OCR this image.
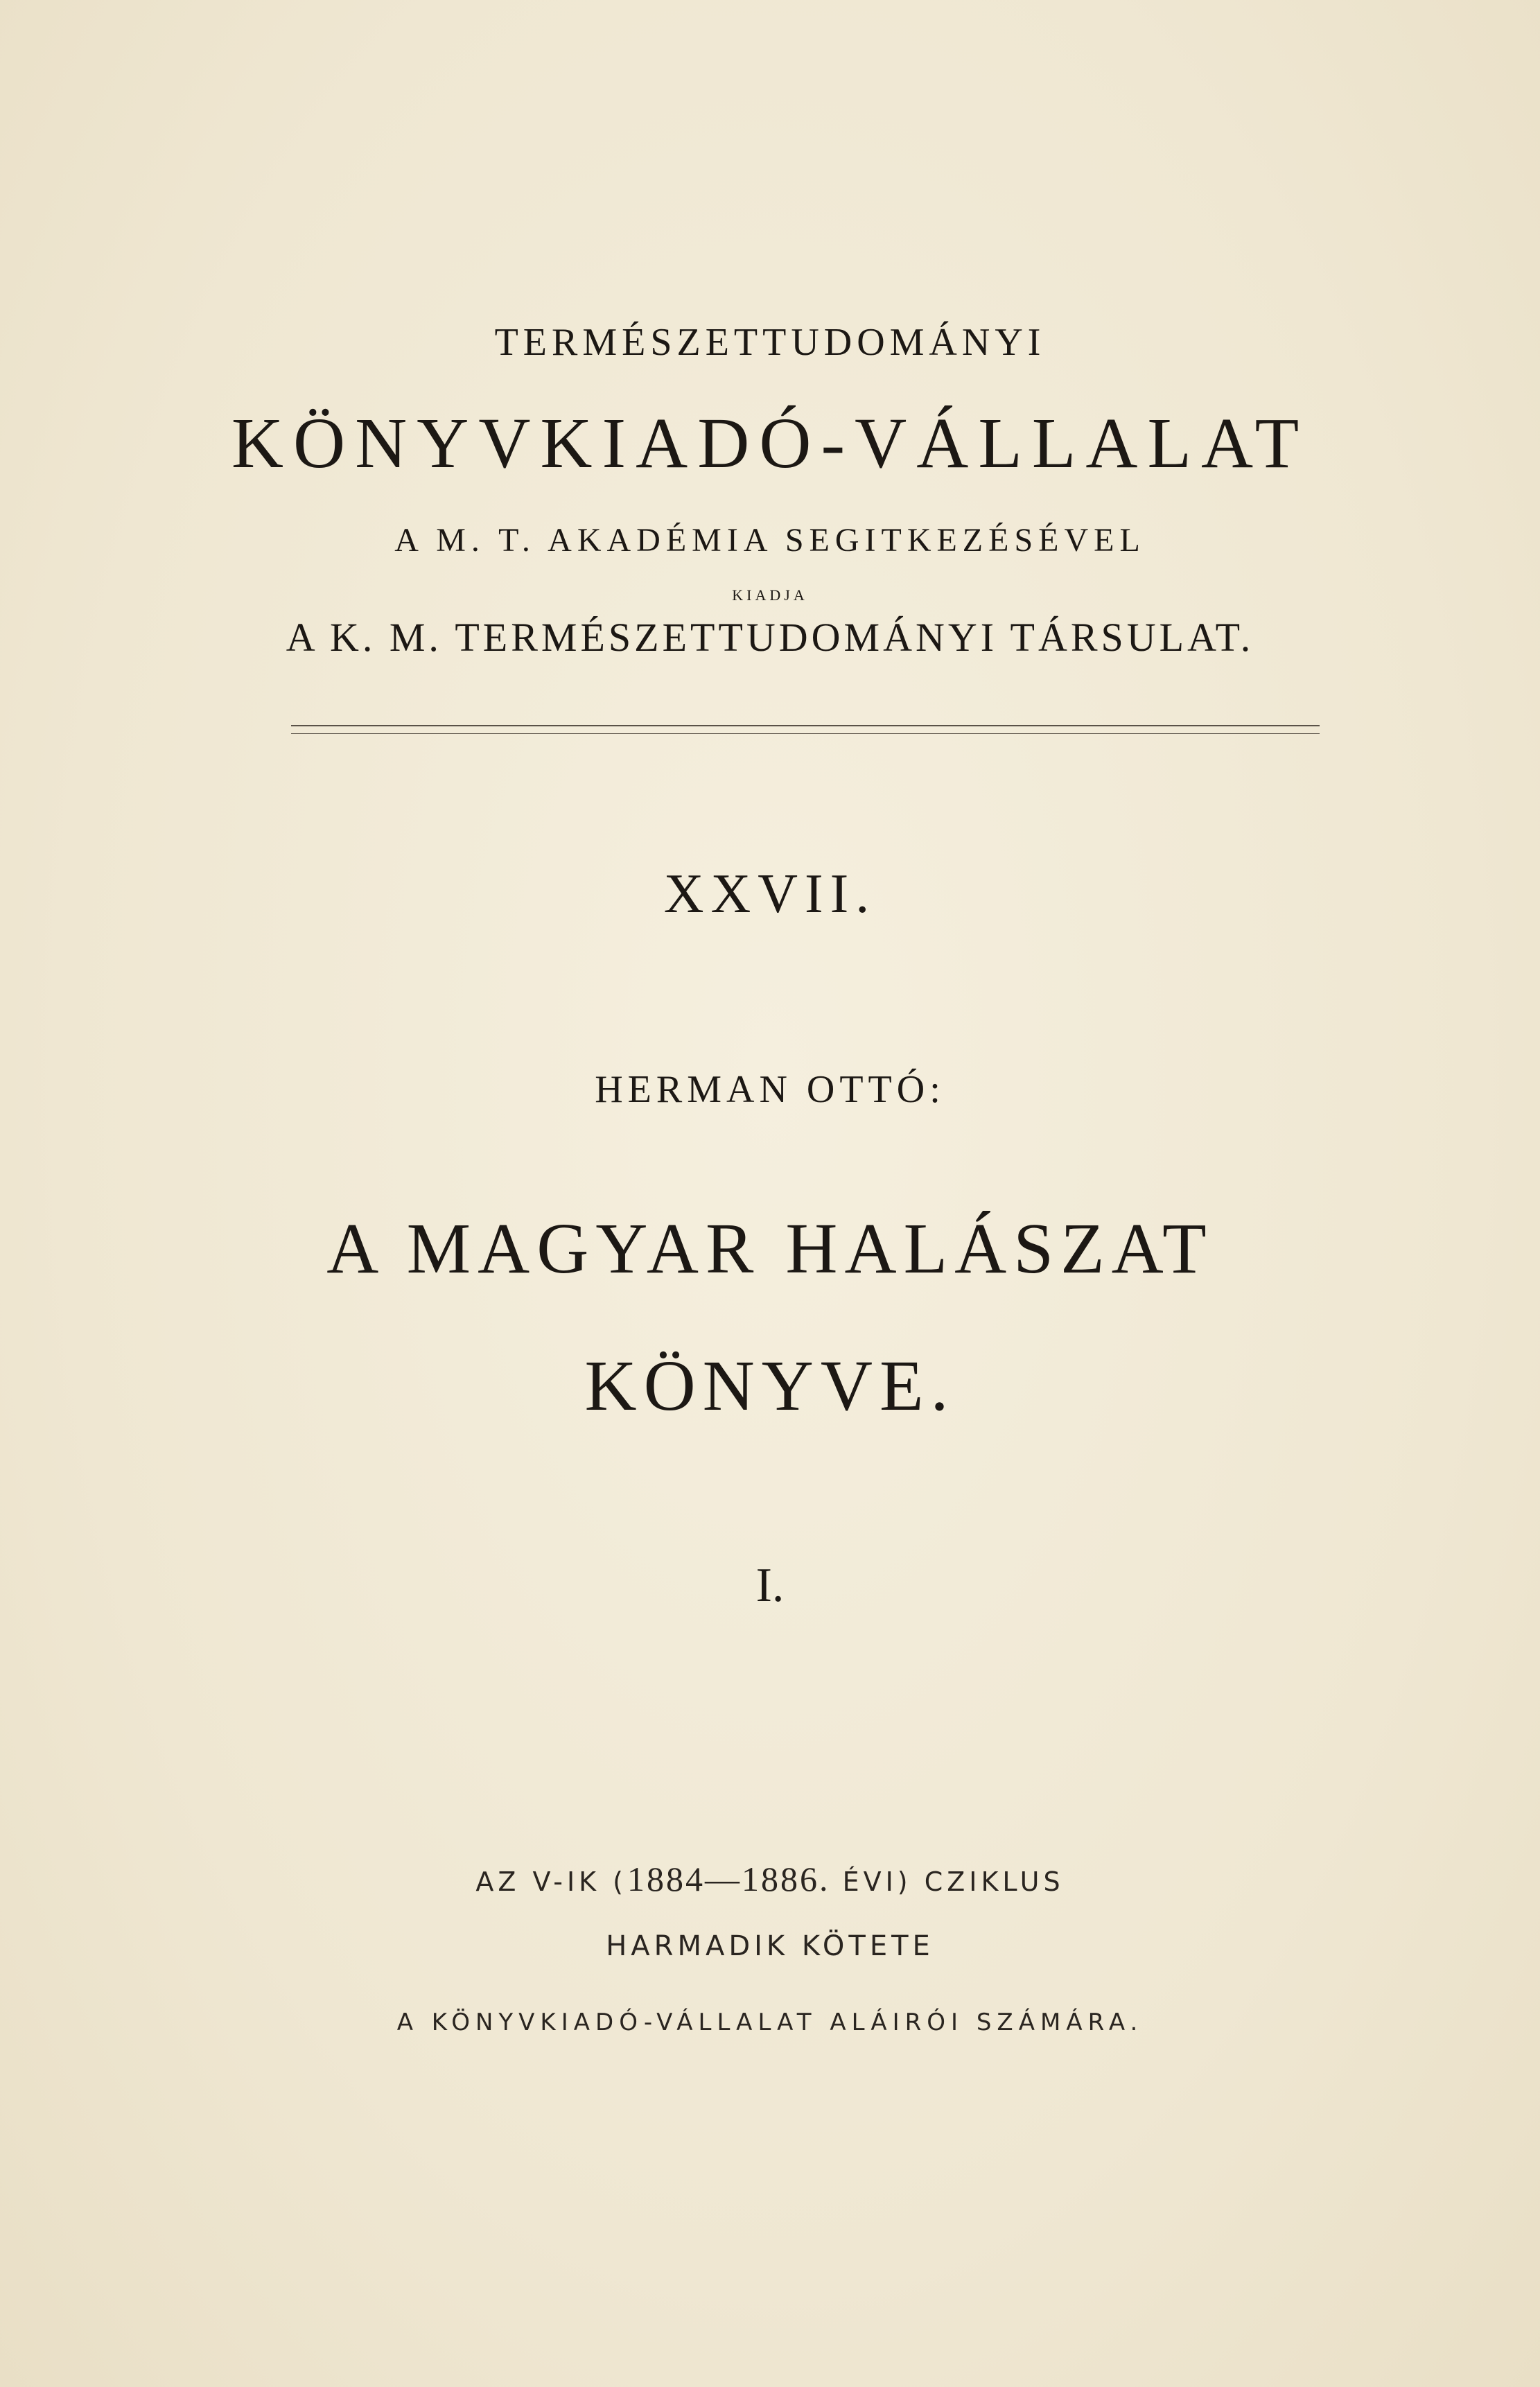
TERMÉSZETTUDOMÁNYI
KÖNYVKIADÓ-VÁLLALAT
A M. T. AKADÉMIA SEGITKEZÉSÉVEL
KIADJA
A K. M. TERMÉSZETTUDOMÁNYI TÁRSULAT.
XXVII.
HERMAN OTTÓ:
A MAGYAR HALÁSZAT
KÖNYVE.
I.
AZ V-IK (1884—1886. ÉVI) CZIKLUS
HARMADIK KÖTETE
A KÖNYVKIADÓ-VÁLLALAT ALÁIRÓI SZÁMÁRA.
